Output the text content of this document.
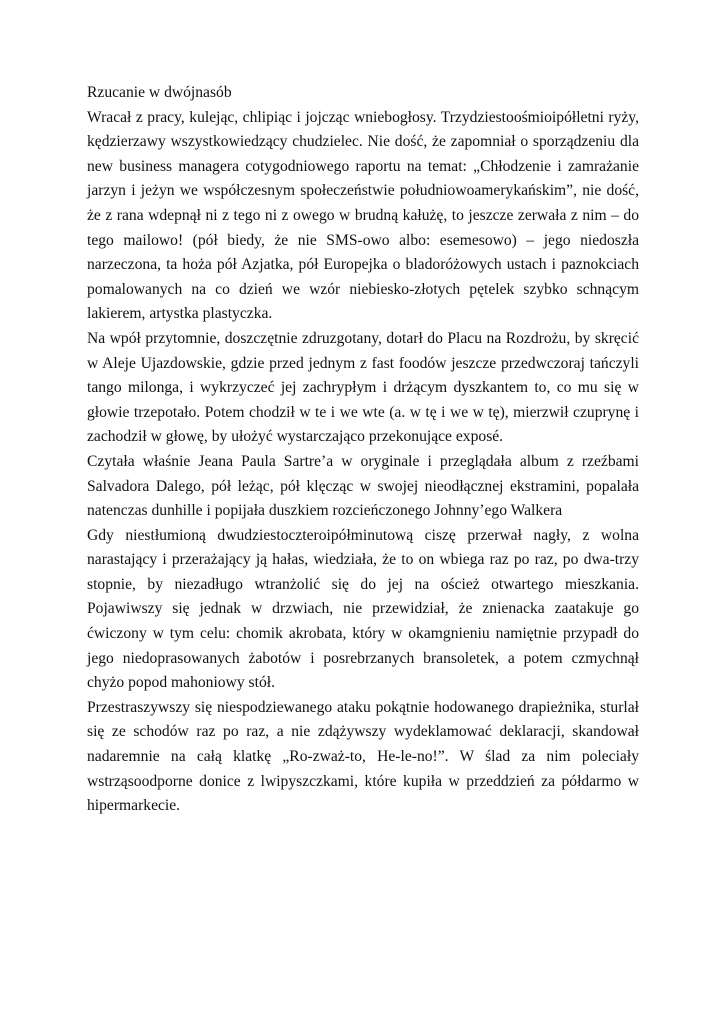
Rzucanie w dwójnasób

Wracał z pracy, kulejąc, chlipiąc i jojcząc wniebogłosy. Trzydziestoośmioipółletni ryży, kędzierzawy wszystkowiedzący chudzielec. Nie dość, że zapomniał o sporządzeniu dla new business managera cotygodniowego raportu na temat: „Chłodzenie i zamrażanie jarzyn i jeżyn we współczesnym społeczeństwie południowoamerykańskim”, nie dość, że z rana wdepnął ni z tego ni z owego w brudną kałużę, to jeszcze zerwała z nim – do tego mailowo! (pół biedy, że nie SMS-owo albo: esemesowo) – jego niedoszła narzeczona, ta hoża pół Azjatka, pół Europejka o bladoróżowych ustach i paznokciach pomalowanych na co dzień we wzór niebiesko-złotych pętelek szybko schnącym lakierem, artystka plastyczka.

Na wpół przytomnie, doszczętnie zdruzgotany, dotarł do Placu na Rozdrożu, by skręcić w Aleje Ujazdowskie, gdzie przed jednym z fast foodów jeszcze przedwczoraj tańczyli tango milonga, i wykrzyczeć jej zachrypłym i drżącym dyszkantem to, co mu się w głowie trzepotało. Potem chodził w te i we wte (a. w tę i we w tę), mierzwił czuprynę i zachodził w głowę, by ułożyć wystarczająco przekonujące exposé.

Czytała właśnie Jeana Paula Sartre’a w oryginale i przeglądała album z rzeźbami Salvadora Dalego, pół leżąc, pół klęcząc w swojej nieodłącznej ekstramini, popalała natenczas dunhille i popijała duszkiem rozcieńczonego Johnny’ego Walkera

Gdy niestłumioną dwudziestoczteroipółminutową ciszę przerwał nagły, z wolna narastający i przerażający ją hałas, wiedziała, że to on wbiega raz po raz, po dwa-trzy stopnie, by niezadługo wtranżolić się do jej na oścież otwartego mieszkania. Pojawiwszy się jednak w drzwiach, nie przewidział, że znienacka zaatakuje go ćwiczony w tym celu: chomik akrobata, który w okamgnieniu namiętnie przypadł do jego niedoprasowanych żabotów i posrebrzanych bransoletek, a potem czmychnął chyżo popod mahoniowy stół.

Przestraszywszy się niespodziewanego ataku pokątnie hodowanego drapieżnika, sturlał się ze schodów raz po raz, a nie zdążywszy wydeklamować deklaracji, skandował nadaremnie na całą klatkę „Ro-zważ-to, He-le-no!”. W ślad za nim poleciały wstrząsoodporne donice z lwipyszczkami, które kupiła w przeddzień za półdarmo w hipermarkecie.
